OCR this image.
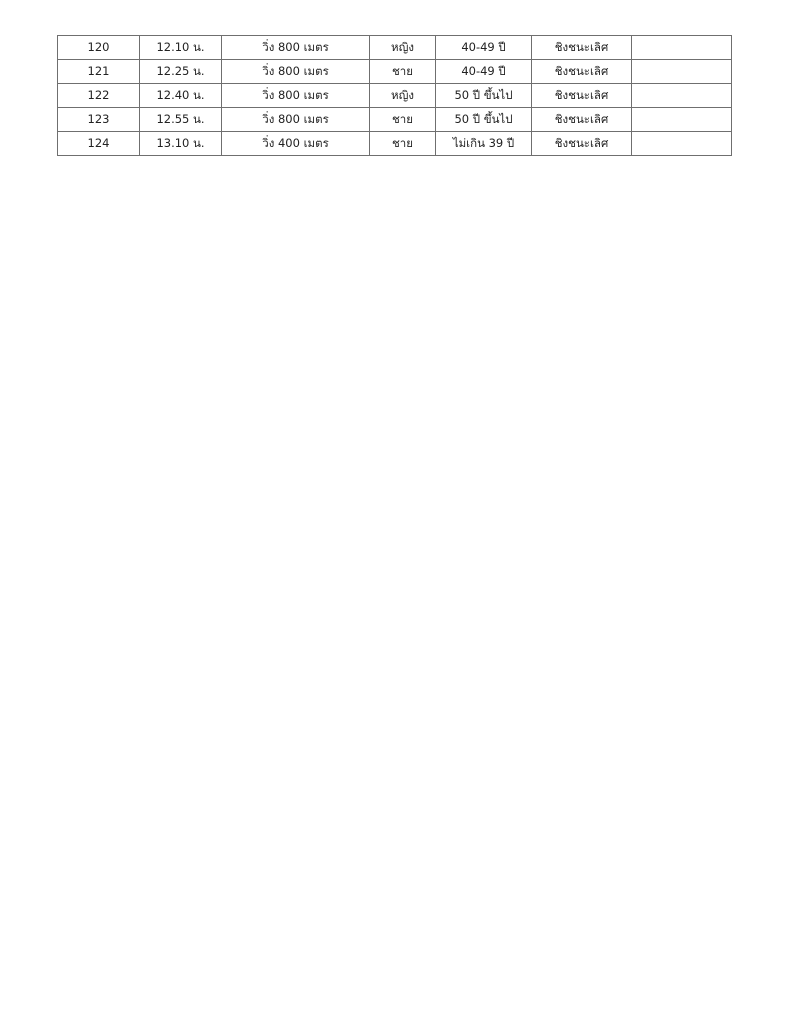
120	12.10 น.	วิ่ง 800 เมตร	หญิง	40-49 ปี	ชิงชนะเลิศ	
121	12.25 น.	วิ่ง 800 เมตร	ชาย	40-49 ปี	ชิงชนะเลิศ	
122	12.40 น.	วิ่ง 800 เมตร	หญิง	50 ปี ขึ้นไป	ชิงชนะเลิศ	
123	12.55 น.	วิ่ง 800 เมตร	ชาย	50 ปี ขึ้นไป	ชิงชนะเลิศ	
124	13.10 น.	วิ่ง 400 เมตร	ชาย	ไม่เกิน 39 ปี	ชิงชนะเลิศ	
